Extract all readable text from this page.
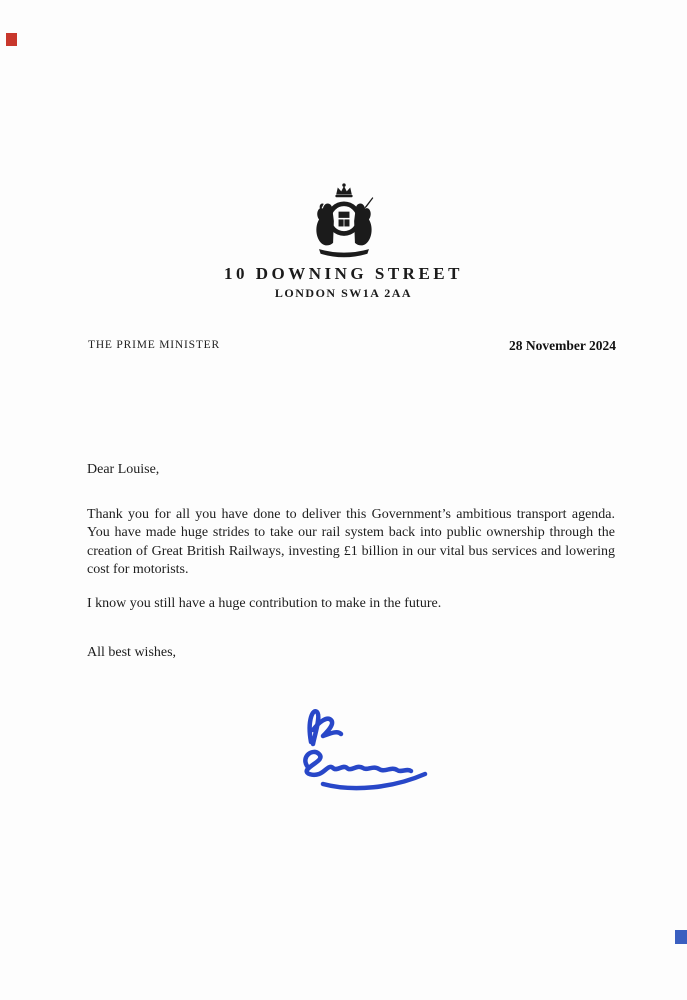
10 DOWNING STREET
LONDON SW1A 2AA
THE PRIME MINISTER	28 November 2024

Dear Louise,

Thank you for all you have done to deliver this Government’s ambitious transport agenda. You have made huge strides to take our rail system back into public ownership through the creation of Great British Railways, investing £1 billion in our vital bus services and lowering cost for motorists.

I know you still have a huge contribution to make in the future.

All best wishes,
